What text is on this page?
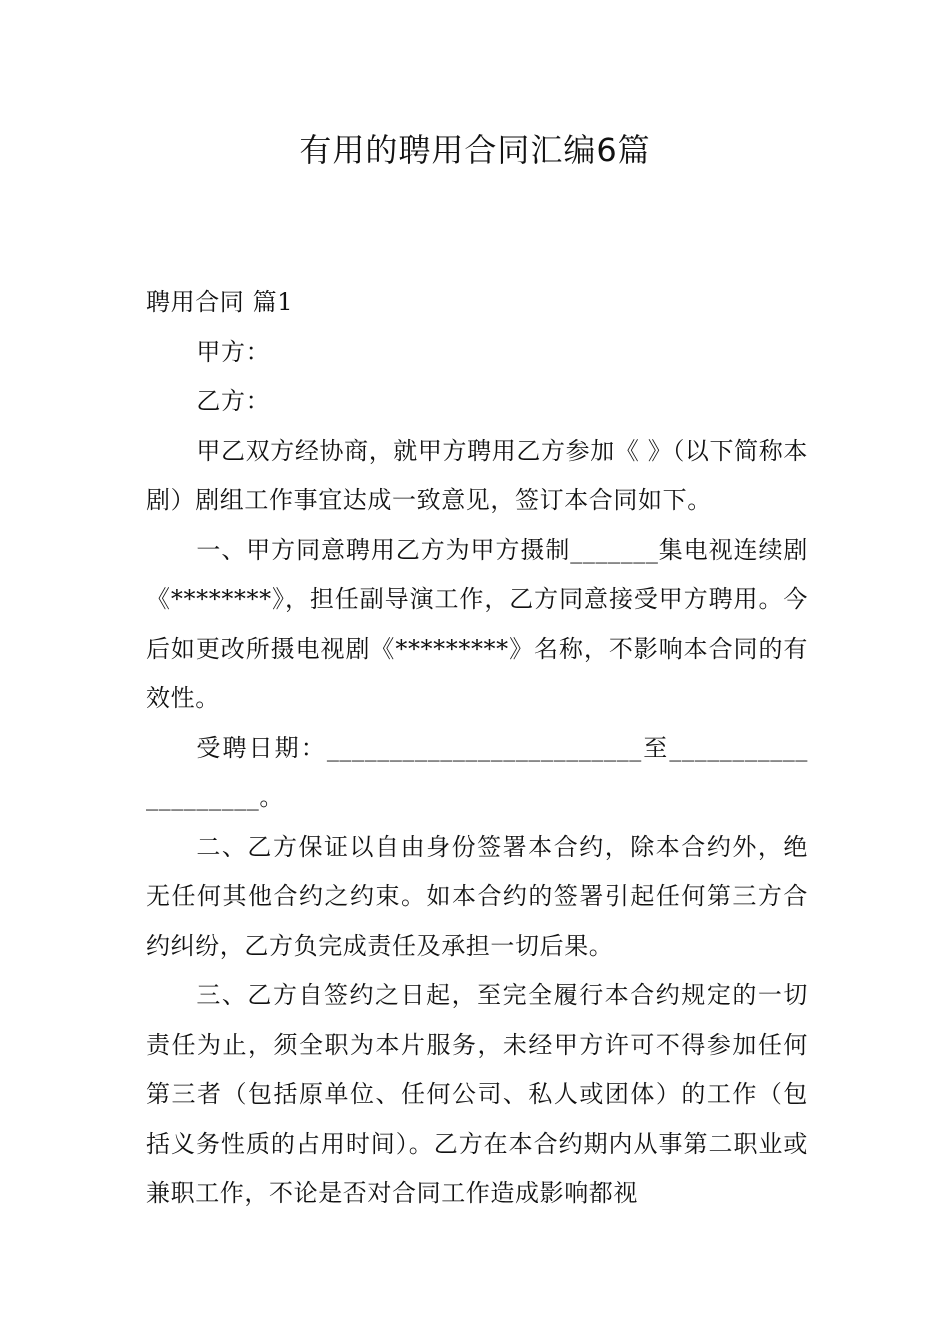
有用的聘用合同汇编6篇

聘用合同 篇1

甲方：

乙方：

甲乙双方经协商，就甲方聘用乙方参加《 》（以下简称本剧）剧组工作事宜达成一致意见，签订本合同如下。

一、甲方同意聘用乙方为甲方摄制_______集电视连续剧《********》，担任副导演工作，乙方同意接受甲方聘用。今后如更改所摄电视剧《*********》名称，不影响本合同的有效性。

受聘日期：_________________________至____________________。

二、乙方保证以自由身份签署本合约，除本合约外，绝无任何其他合约之约束。如本合约的签署引起任何第三方合约纠纷，乙方负完成责任及承担一切后果。

三、乙方自签约之日起，至完全履行本合约规定的一切责任为止，须全职为本片服务，未经甲方许可不得参加任何第三者（包括原单位、任何公司、私人或团体）的工作（包括义务性质的占用时间）。乙方在本合约期内从事第二职业或兼职工作，不论是否对合同工作造成影响都视
